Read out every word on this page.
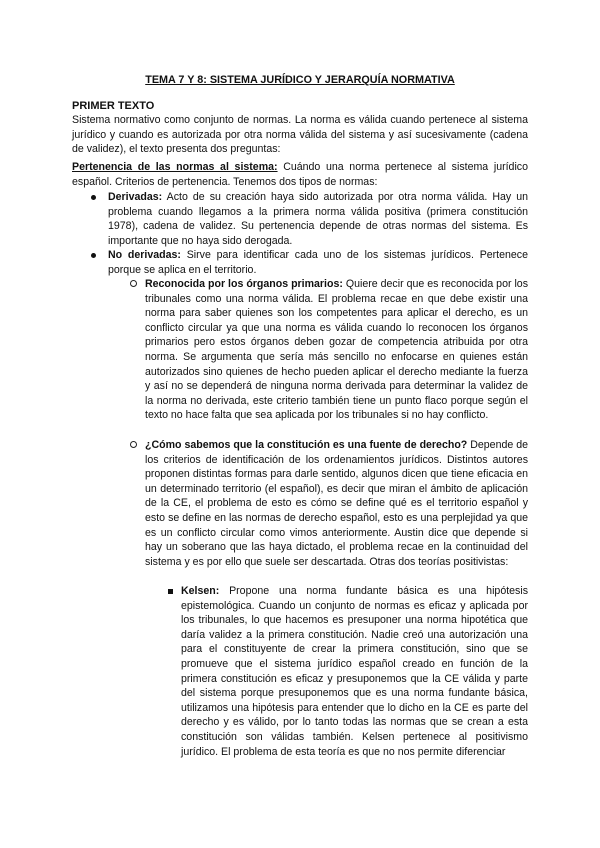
TEMA 7 Y 8: SISTEMA JURÍDICO Y JERARQUÍA NORMATIVA
PRIMER TEXTO
Sistema normativo como conjunto de normas. La norma es válida cuando pertenece al sistema jurídico y cuando es autorizada por otra norma válida del sistema y así sucesivamente (cadena de validez), el texto presenta dos preguntas:
Pertenencia de las normas al sistema: Cuándo una norma pertenece al sistema jurídico español. Criterios de pertenencia. Tenemos dos tipos de normas:
Derivadas: Acto de su creación haya sido autorizada por otra norma válida. Hay un problema cuando llegamos a la primera norma válida positiva (primera constitución 1978), cadena de validez. Su pertenencia depende de otras normas del sistema. Es importante que no haya sido derogada.
No derivadas: Sirve para identificar cada uno de los sistemas jurídicos. Pertenece porque se aplica en el territorio.
Reconocida por los órganos primarios: Quiere decir que es reconocida por los tribunales como una norma válida. El problema recae en que debe existir una norma para saber quienes son los competentes para aplicar el derecho, es un conflicto circular ya que una norma es válida cuando lo reconocen los órganos primarios pero estos órganos deben gozar de competencia atribuida por otra norma. Se argumenta que sería más sencillo no enfocarse en quienes están autorizados sino quienes de hecho pueden aplicar el derecho mediante la fuerza y así no se dependerá de ninguna norma derivada para determinar la validez de la norma no derivada, este criterio también tiene un punto flaco porque según el texto no hace falta que sea aplicada por los tribunales si no hay conflicto.
¿Cómo sabemos que la constitución es una fuente de derecho? Depende de los criterios de identificación de los ordenamientos jurídicos. Distintos autores proponen distintas formas para darle sentido, algunos dicen que tiene eficacia en un determinado territorio (el español), es decir que miran el ámbito de aplicación de la CE, el problema de esto es cómo se define qué es el territorio español y esto se define en las normas de derecho español, esto es una perplejidad ya que es un conflicto circular como vimos anteriormente. Austin dice que depende si hay un soberano que las haya dictado, el problema recae en la continuidad del sistema y es por ello que suele ser descartada. Otras dos teorías positivistas:
Kelsen: Propone una norma fundante básica es una hipótesis epistemológica. Cuando un conjunto de normas es eficaz y aplicada por los tribunales, lo que hacemos es presuponer una norma hipotética que daría validez a la primera constitución. Nadie creó una autorización una para el constituyente de crear la primera constitución, sino que se promueve que el sistema jurídico español creado en función de la primera constitución es eficaz y presuponemos que la CE válida y parte del sistema porque presuponemos que es una norma fundante básica, utilizamos una hipótesis para entender que lo dicho en la CE es parte del derecho y es válido, por lo tanto todas las normas que se crean a esta constitución son válidas también. Kelsen pertenece al positivismo jurídico. El problema de esta teoría es que no nos permite diferenciar
